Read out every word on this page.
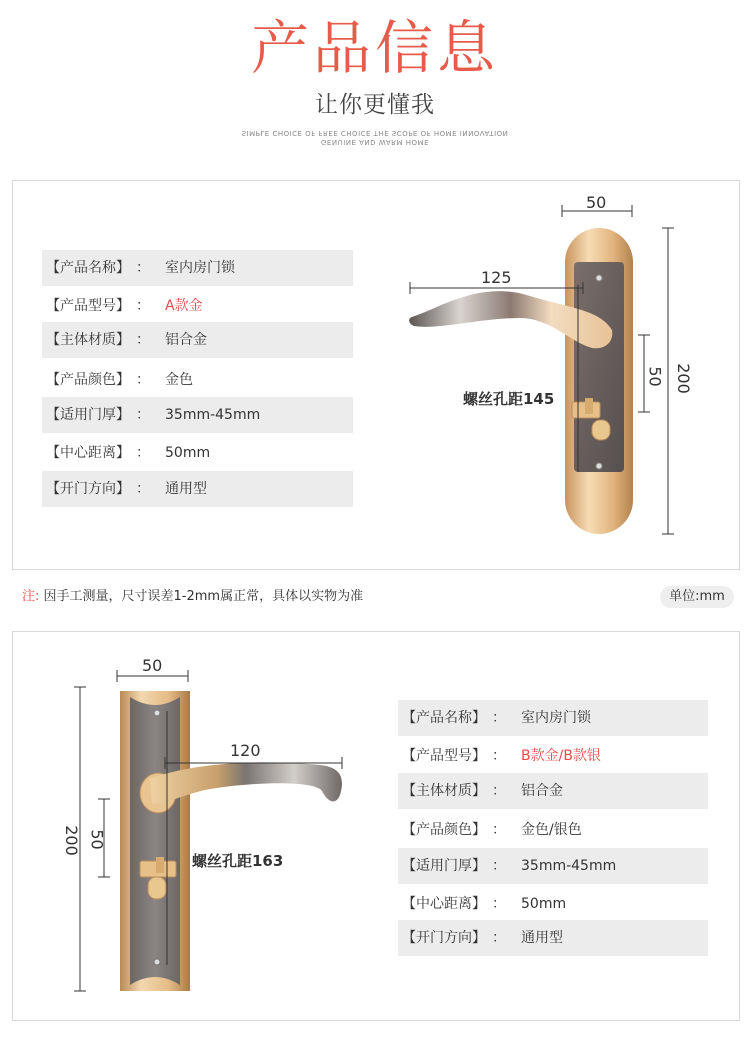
产品信息
让你更懂我
SIMPLE CHOICE OF FREE CHOICE THE SCOPE OF HOME INNOVATION
GENUINE AND WARM HOME
【产品名称】 ： 室内房门锁
【产品型号】 ： A款金
【主体材质】 ： 铝合金
【产品颜色】 ： 金色
【适用门厚】 ： 35mm-45mm
【中心距离】 ： 50mm
【开门方向】 ： 通用型
50
125
50 200
螺丝孔距145
注: 因手工测量，尺寸误差1-2mm属正常，具体以实物为准	单位:mm
50
120
50
200
螺丝孔距163
【产品名称】 ： 室内房门锁
【产品型号】 ： B款金/B款银
【主体材质】 ： 铝合金
【产品颜色】 ： 金色/银色
【适用门厚】 ： 35mm-45mm
【中心距离】 ： 50mm
【开门方向】 ： 通用型
